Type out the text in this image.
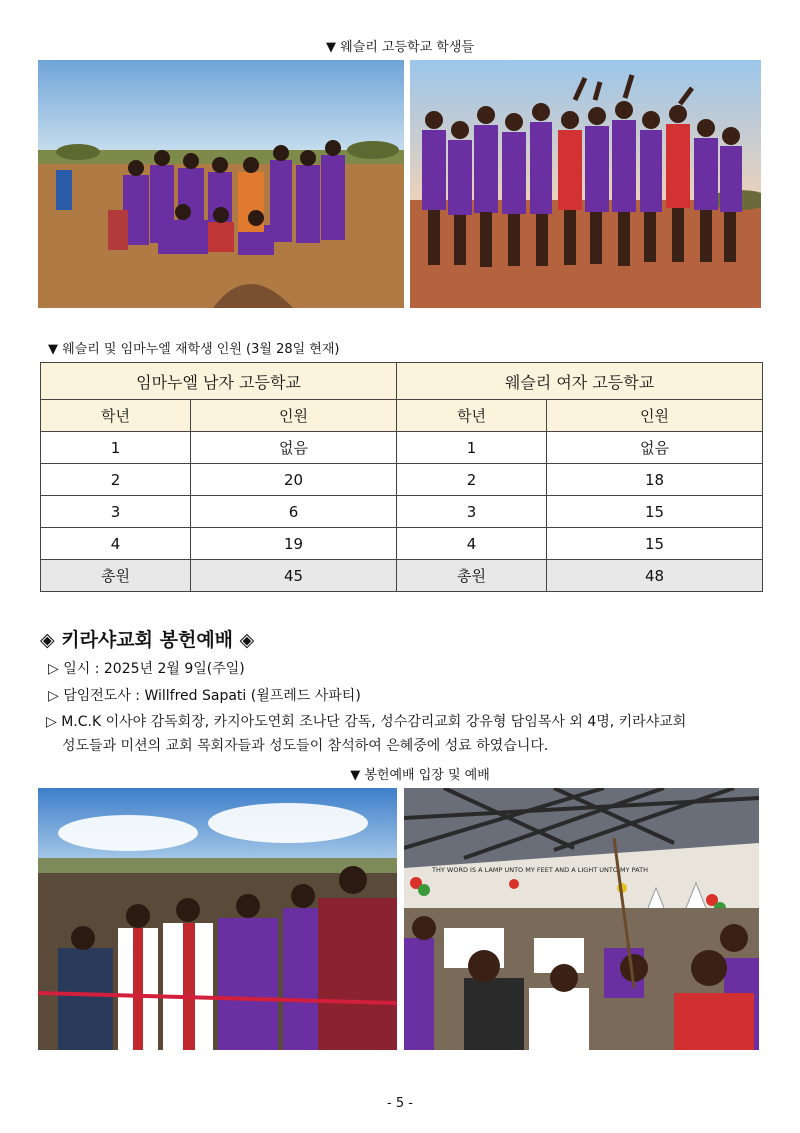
▼ 웨슬리 고등학교 학생들
▼ 웨슬리 및 임마누엘 재학생 인원 (3월 28일 현재)
임마누엘 남자 고등학교		웨슬리 여자 고등학교	
학년	인원	학년	인원
1	없음	1	없음
2	20	2	18
3	6	3	15
4	19	4	15
총원	45	총원	48
◈ 키라샤교회 봉헌예배 ◈
▷ 일시 : 2025년 2월 9일(주일)
▷ 담임전도사 : Willfred Sapati (윌프레드 사파티)
▷ M.C.K 이사야 감독회장, 카지아도연회 조나단 감독, 성수감리교회 강유형 담임목사 외 4명, 키라샤교회
성도들과 미션의 교회 목회자들과 성도들이 참석하여 은혜중에 성료 하였습니다.
▼ 봉헌예배 입장 및 예배
THY WORD IS A LAMP UNTO MY FEET AND A LIGHT UNTO MY PATH
- 5 -
